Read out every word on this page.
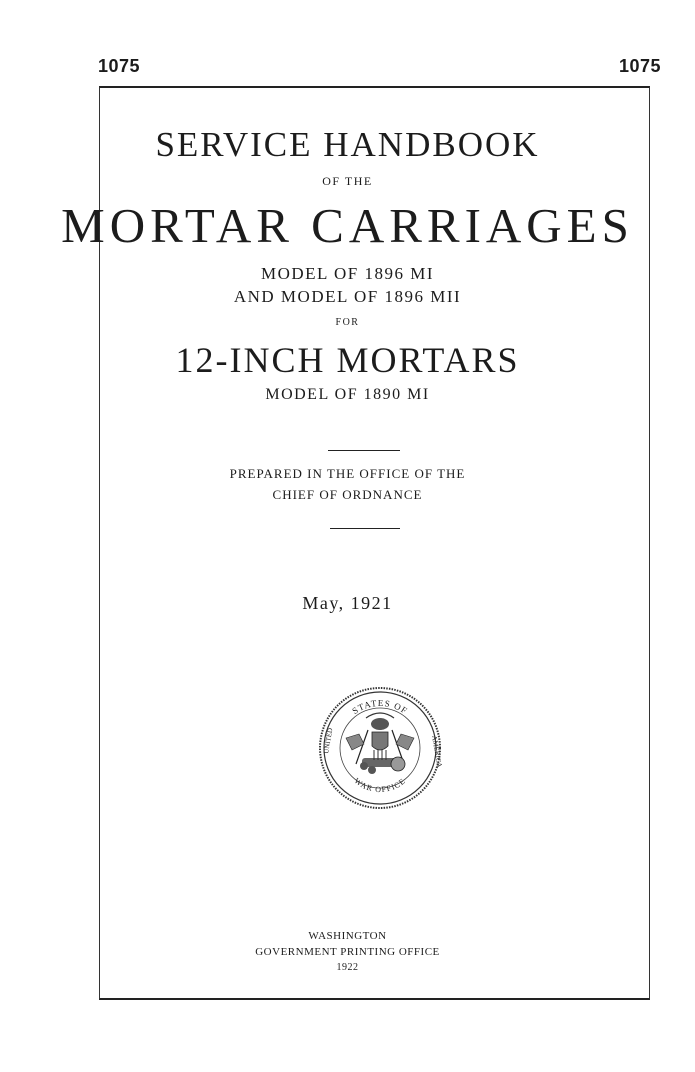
1075	1075
SERVICE HANDBOOK
OF THE
MORTAR CARRIAGES
MODEL OF 1896 MI
AND MODEL OF 1896 MII
FOR
12-INCH MORTARS
MODEL OF 1890 MI
PREPARED IN THE OFFICE OF THE
CHIEF OF ORDNANCE
May, 1921
STATES OF
UNITED	AMERICA
WAR OFFICE
WASHINGTON
GOVERNMENT PRINTING OFFICE
1922
